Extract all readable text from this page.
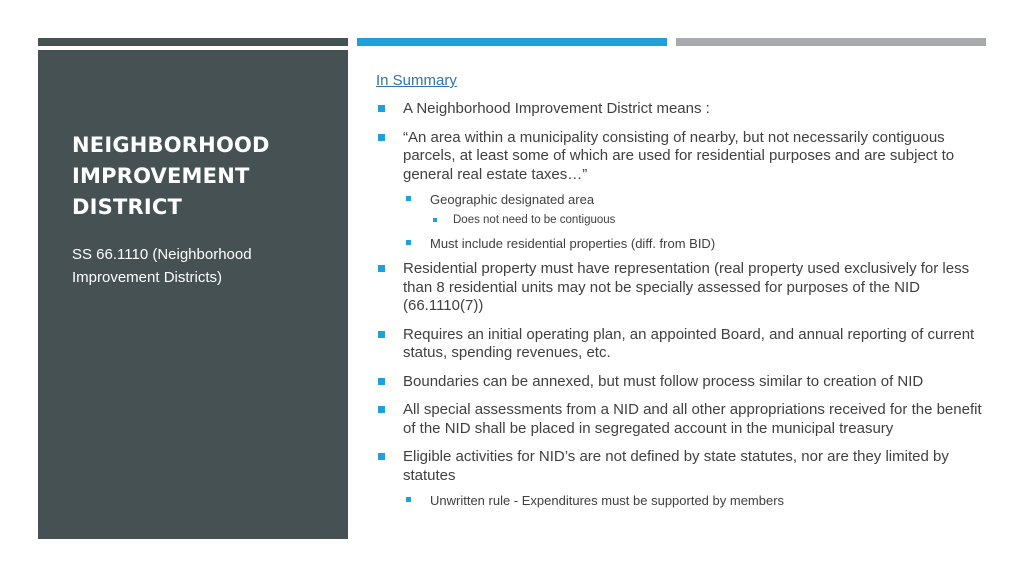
NEIGHBORHOOD IMPROVEMENT DISTRICT

SS 66.1110 (Neighborhood

Improvement Districts)

In Summary
A Neighborhood Improvement District means :
“An area within a municipality consisting of nearby, but not necessarily contiguous parcels, at least some of which are used for residential purposes and are subject to general real estate taxes…”
Geographic designated area
Does not need to be contiguous
Must include residential properties (diff. from BID)
Residential property must have representation (real property used exclusively for less than 8 residential units may not be specially assessed for purposes of the NID (66.1110(7))
Requires an initial operating plan, an appointed Board, and annual reporting of current status, spending revenues, etc.
Boundaries can be annexed, but must follow process similar to creation of NID
All special assessments from a NID and all other appropriations received for the benefit of the NID shall be placed in segregated account in the municipal treasury
Eligible activities for NID’s are not defined by state statutes, nor are they limited by statutes
Unwritten rule - Expenditures must be supported by members
